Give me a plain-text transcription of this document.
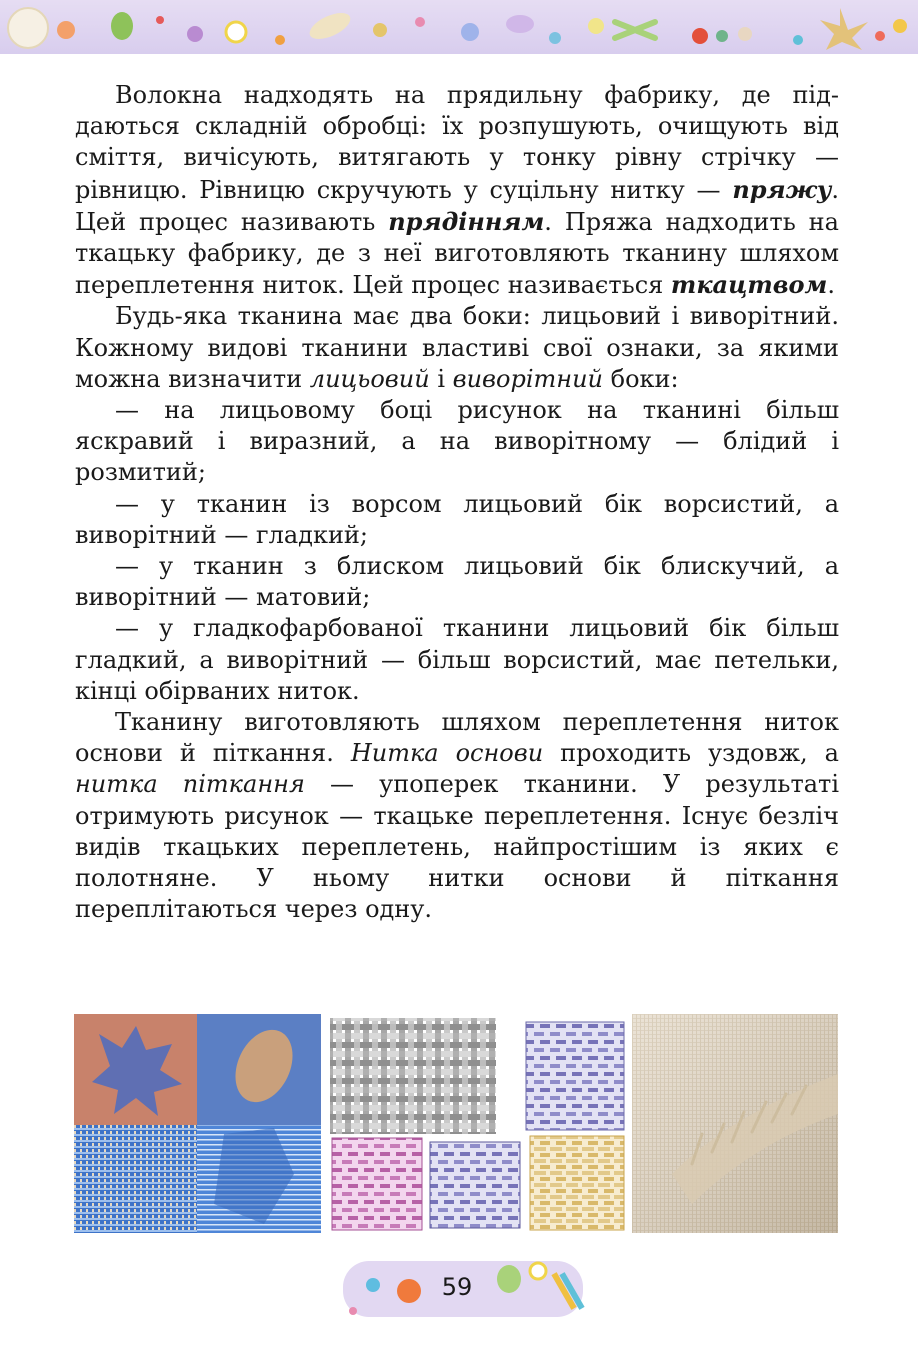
Волокна надходять на прядильну фабрику, де піддаються складній обробці: їх розпушують, очищують від сміття, вичісують, витягають у тонку рівну стрічку — рівницю. Рівницю скручують у суцільну нитку — пряжу. Цей процес називають прядінням. Пряжа надходить на ткацьку фабрику, де з неї виготовляють тканину шляхом переплетення ниток. Цей процес називається ткацтвом.

Будь-яка тканина має два боки: лицьовий і виворітний. Кожному видові тканини властиві свої ознаки, за якими можна визначити лицьовий і виворітний боки:

— на лицьовому боці рисунок на тканині більш яскравий і виразний, а на виворітному — блідий і розмитий;

— у тканин із ворсом лицьовий бік ворсистий, а виворітний — гладкий;

— у тканин з блиском лицьовий бік блискучий, а виворітний — матовий;

— у гладкофарбованої тканини лицьовий бік більш гладкий, а виворітний — більш ворсистий, має петельки, кінці обірваних ниток.

Тканину виготовляють шляхом переплетення ниток основи й піткання. Нитка основи проходить уздовж, а нитка піткання — упоперек тканини. У результаті отримують рисунок — ткацьке переплетення. Існує безліч видів ткацьких переплетень, найпростішим із яких є полотняне. У ньому нитки основи й піткання переплітаються через одну.

59
